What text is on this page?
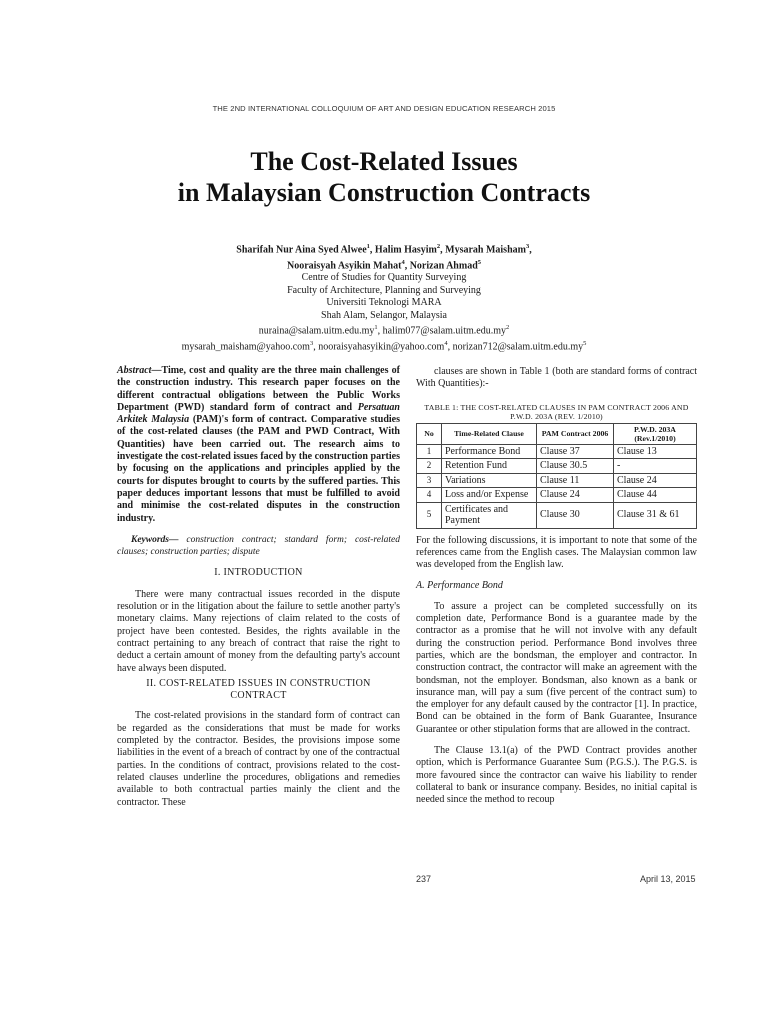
THE 2ND INTERNATIONAL COLLOQUIUM OF ART AND DESIGN EDUCATION RESEARCH 2015
The Cost-Related Issues
in Malaysian Construction Contracts
Sharifah Nur Aina Syed Alwee$^1$, Halim Hasyim$^2$, Mysarah Maisham$^3$,
Nooraisyah Asyikin Mahat$^4$, Norizan Ahmad$^5$
Centre of Studies for Quantity Surveying
Faculty of Architecture, Planning and Surveying
Universiti Teknologi MARA
Shah Alam, Selangor, Malaysia
$nuraina@salam.uitm.edu.my^1$, $halim077@salam.uitm.edu.my^2$
mysarah_maisham@yahoo.com$^3$, nooraisyahasyikin@yahoo.com$^4$, $norizan712@salam.uitm.edu.my^5$

Abstract—Time, cost and quality are the three main challenges of the construction industry. This research paper focuses on the different contractual obligations between the Public Works Department (PWD) standard form of contract and Persatuan Arkitek Malaysia (PAM)'s form of contract. Comparative studies of the cost-related clauses (the PAM and PWD Contract, With Quantities) have been carried out. The research aims to investigate the cost-related issues faced by the construction parties by focusing on the applications and principles applied by the courts for disputes brought to courts by the suffered parties. This paper deduces important lessons that must be fulfilled to avoid and minimise the cost-related disputes in the construction industry.

Keywords— construction contract; standard form; cost-related clauses; construction parties; dispute

I. INTRODUCTION

There were many contractual issues recorded in the dispute resolution or in the litigation about the failure to settle another party's monetary claims. Many rejections of claim related to the costs of project have been contested. Besides, the rights available in the contract pertaining to any breach of contract that raise the right to deduct a certain amount of money from the defaulting party's account have always been disputed.

II. COST-RELATED ISSUES IN CONSTRUCTION CONTRACT

The cost-related provisions in the standard form of contract can be regarded as the considerations that must be made for works completed by the contractor. Besides, the provisions impose some liabilities in the event of a breach of contract by one of the contractual parties. In the conditions of contract, provisions related to the cost-related clauses underline the procedures, obligations and remedies available to both contractual parties mainly the client and the contractor. These

clauses are shown in Table 1 (both are standard forms of contract With Quantities):-

TABLE 1: THE COST-RELATED CLAUSES IN PAM CONTRACT 2006 AND P.W.D. 203A (REV. 1/2010)
No	Time-Related Clause	PAM Contract 2006	P.W.D. 203A (Rev.1/2010)
1	Performance Bond	Clause 37	Clause 13
2	Retention Fund	Clause 30.5	-
3	Variations	Clause 11	Clause 24
4	Loss and/or Expense	Clause 24	Clause 44
5	Certificates and Payment	Clause 30	Clause 31 & 61

For the following discussions, it is important to note that some of the references came from the English cases. The Malaysian common law was developed from the English law.

A. Performance Bond

To assure a project can be completed successfully on its completion date, Performance Bond is a guarantee made by the contractor as a promise that he will not involve with any default during the construction period. Performance Bond involves three parties, which are the bondsman, the employer and contractor. In construction contract, the contractor will make an agreement with the bondsman, not the employer. Bondsman, also known as a bank or insurance man, will pay a sum (five percent of the contract sum) to the employer for any default caused by the contractor [1]. In practice, Bond can be obtained in the form of Bank Guarantee, Insurance Guarantee or other stipulation forms that are allowed in the contract.

The Clause 13.1(a) of the PWD Contract provides another option, which is Performance Guarantee Sum (P.G.S.). The P.G.S. is more favoured since the contractor can waive his liability to render collateral to bank or insurance company. Besides, no initial capital is needed since the method to recoup

237	April 13, 2015
